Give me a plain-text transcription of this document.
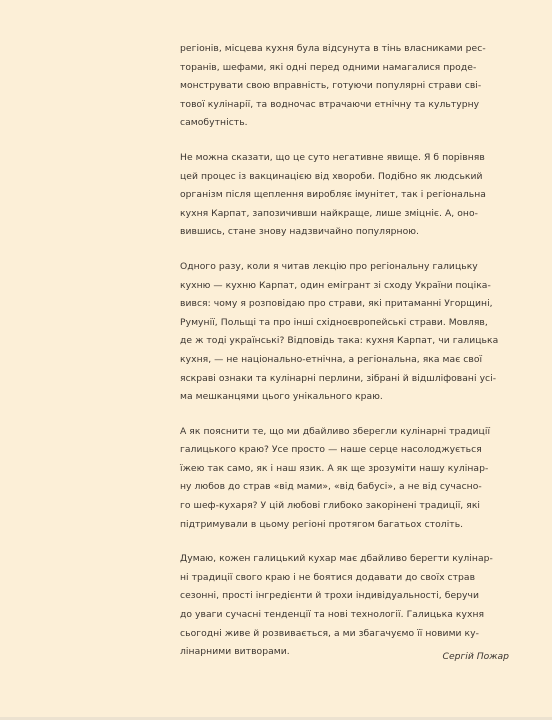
регіонів, місцева кухня була відсунута в тінь власниками рес-
торанів, шефами, які одні перед одними намагалися проде-
монструвати свою вправність, готуючи популярні страви сві-
тової кулінарії, та водночас втрачаючи етнічну та культурну
самобутність.

Не можна сказати, що це суто негативне явище. Я б порівняв
цей процес із вакцинацією від хвороби. Подібно як людський
організм після щеплення виробляє імунітет, так і регіональна
кухня Карпат, запозичивши найкраще, лише зміцніє. А, оно-
вившись, стане знову надзвичайно популярною.

Одного разу, коли я читав лекцію про регіональну галицьку
кухню — кухню Карпат, один емігрант зі сходу України поціка-
вився: чому я розповідаю про страви, які притаманні Угорщині,
Румунії, Польщі та про інші східноєвропейські страви. Мовляв,
де ж тоді українські? Відповідь така: кухня Карпат, чи галицька
кухня, — не національно-етнічна, а регіональна, яка має свої
яскраві ознаки та кулінарні перлини, зібрані й відшліфовані усі-
ма мешканцями цього унікального краю.

А як пояснити те, що ми дбайливо зберегли кулінарні традиції
галицького краю? Усе просто — наше серце насолоджується
їжею так само, як і наш язик. А як ще зрозуміти нашу кулінар-
ну любов до страв «від мами», «від бабусі», а не від сучасно-
го шеф-кухаря? У цій любові глибоко закорінені традиції, які
підтримували в цьому регіоні протягом багатьох століть.

Думаю, кожен галицький кухар має дбайливо берегти кулінар-
ні традиції свого краю і не боятися додавати до своїх страв
сезонні, прості інгредієнти й трохи індивідуальності, беручи
до уваги сучасні тенденції та нові технології. Галицька кухня
сьогодні живе й розвивається, а ми збагачуємо її новими ку-
лінарними витворами.	Сергій Пожар
